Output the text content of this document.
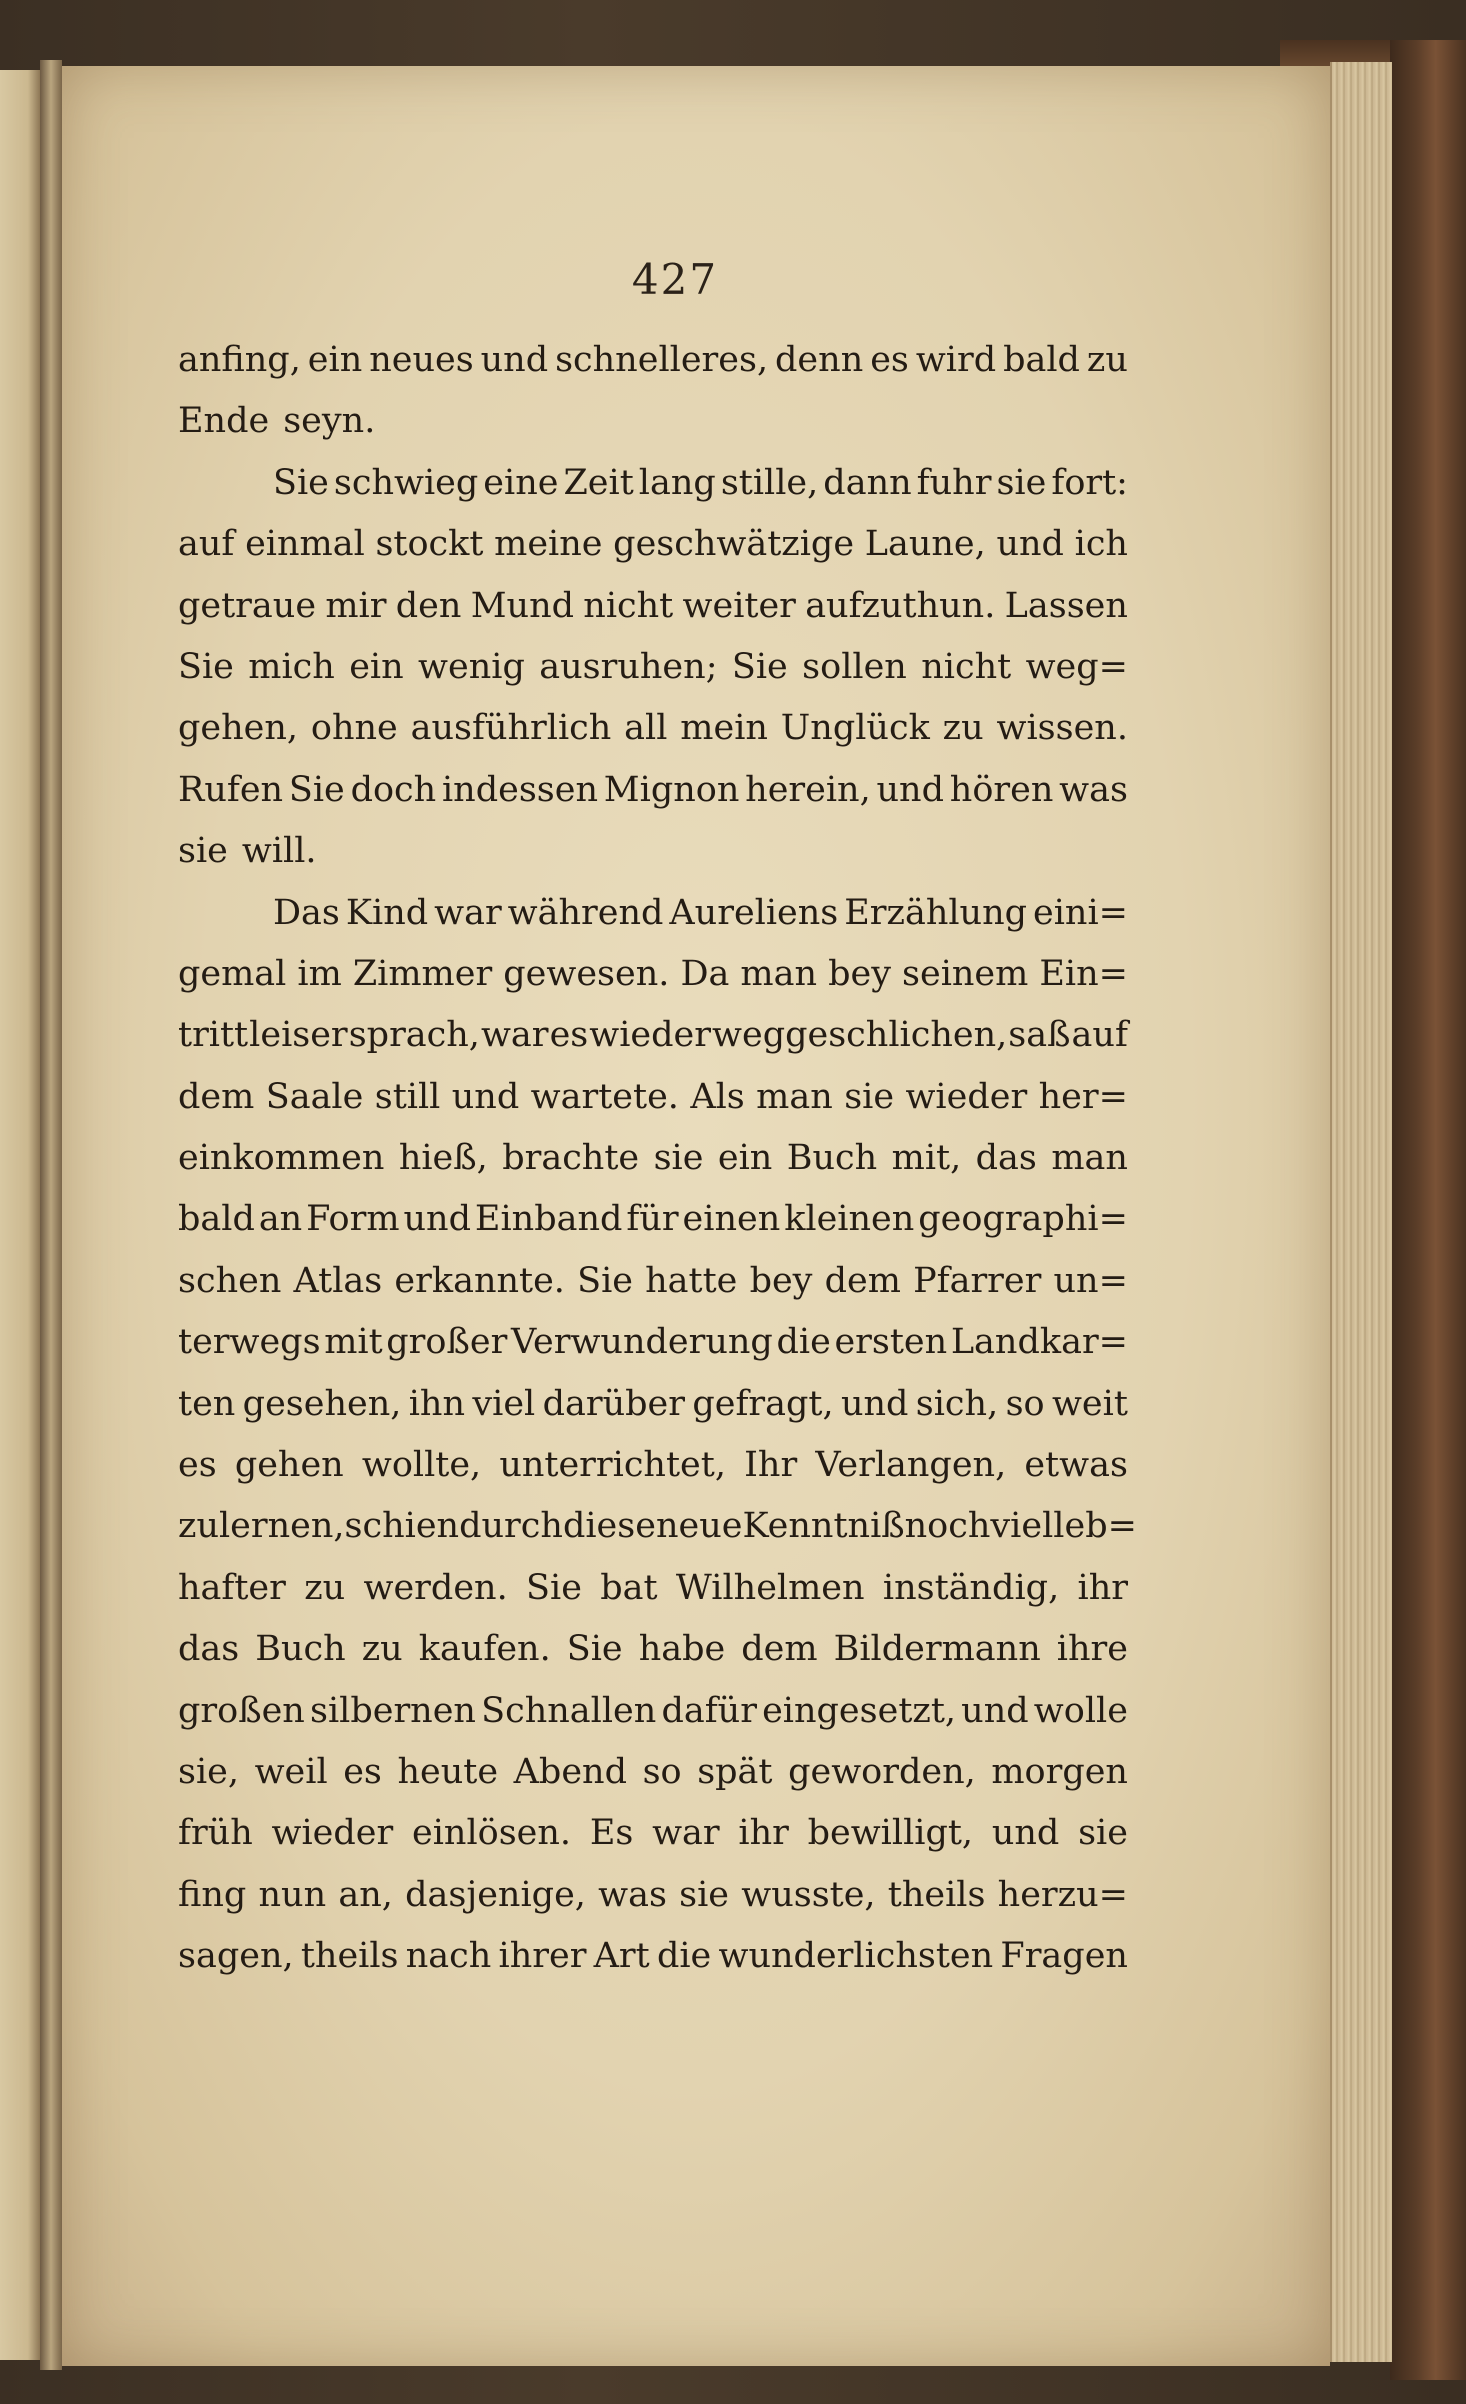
427
anfing, ein neues und schnelleres, denn es wird bald zu
Ende seyn.
Sie schwieg eine Zeit lang stille, dann fuhr sie fort:
auf einmal stockt meine geschwätzige Laune, und ich
getraue mir den Mund nicht weiter aufzuthun. Lassen
Sie mich ein wenig ausruhen; Sie sollen nicht weg=
gehen, ohne ausführlich all mein Unglück zu wissen.
Rufen Sie doch indessen Mignon herein, und hören was
sie will.
Das Kind war während Aureliens Erzählung eini=
gemal im Zimmer gewesen. Da man bey seinem Ein=
tritt leiser sprach, war es wieder weggeschlichen, saß auf
dem Saale still und wartete. Als man sie wieder her=
einkommen hieß, brachte sie ein Buch mit, das man
bald an Form und Einband für einen kleinen geographi=
schen Atlas erkannte. Sie hatte bey dem Pfarrer un=
terwegs mit großer Verwunderung die ersten Landkar=
ten gesehen, ihn viel darüber gefragt, und sich, so weit
es gehen wollte, unterrichtet, Ihr Verlangen, etwas
zu lernen, schien durch diese neue Kenntniß noch viel leb=
hafter zu werden. Sie bat Wilhelmen inständig, ihr
das Buch zu kaufen. Sie habe dem Bildermann ihre
großen silbernen Schnallen dafür eingesetzt, und wolle
sie, weil es heute Abend so spät geworden, morgen
früh wieder einlösen. Es war ihr bewilligt, und sie
fing nun an, dasjenige, was sie wusste, theils herzu=
sagen, theils nach ihrer Art die wunderlichsten Fragen
